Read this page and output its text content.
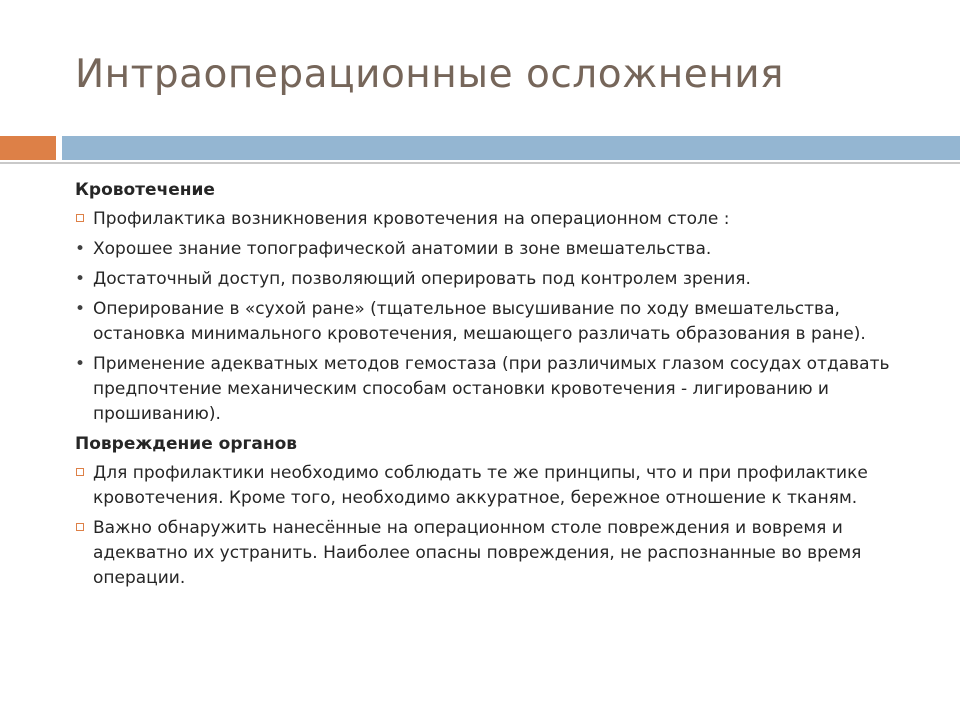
Интраоперационные осложнения
Кровотечение
Профилактика возникновения кровотечения на операционном столе :
• Хорошее знание топографической анатомии в зоне вмешательства.
• Достаточный доступ, позволяющий оперировать под контролем зрения.
• Оперирование в «сухой ране» (тщательное высушивание по ходу вмешательства, остановка минимального кровотечения, мешающего различать образования в ране).
• Применение адекватных методов гемостаза (при различимых глазом сосудах отдавать предпочтение механическим способам остановки кровотечения - лигированию и прошиванию).
Повреждение органов
Для профилактики необходимо соблюдать те же принципы, что и при профилактике кровотечения. Кроме того, необходимо аккуратное, бережное отношение к тканям.
Важно обнаружить нанесённые на операционном столе повреждения и вовремя и адекватно их устранить. Наиболее опасны повреждения, не распознанные во время операции.
